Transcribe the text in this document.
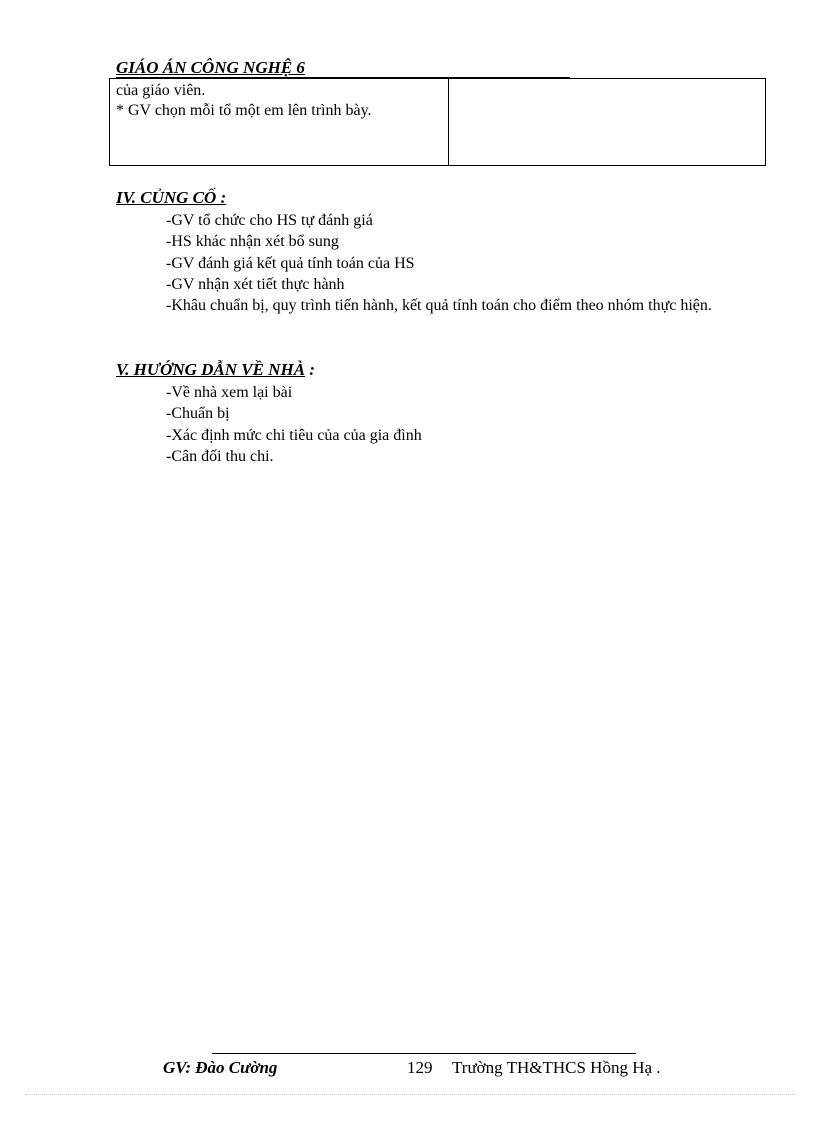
GIÁO ÁN CÔNG NGHỆ 6
của giáo viên.
* GV chọn mỗi tổ một em lên trình bày.

IV. CỦNG CỐ :
-GV tổ chức cho HS tự đánh giá
-HS khác nhận xét bổ sung
-GV đánh giá kết quả tính toán của HS
-GV nhận xét tiết thực hành
-Khâu chuẩn bị, quy trình tiến hành, kết quả tính toán cho điểm theo nhóm thực hiện.
V. HƯỚNG DẪN VỀ NHÀ :
-Về nhà xem lại bài
-Chuẩn bị
-Xác định mức chi tiêu của của gia đình
-Cân đối thu chi.
GV: Đào Cường	129 Trường TH&THCS Hồng Hạ .
